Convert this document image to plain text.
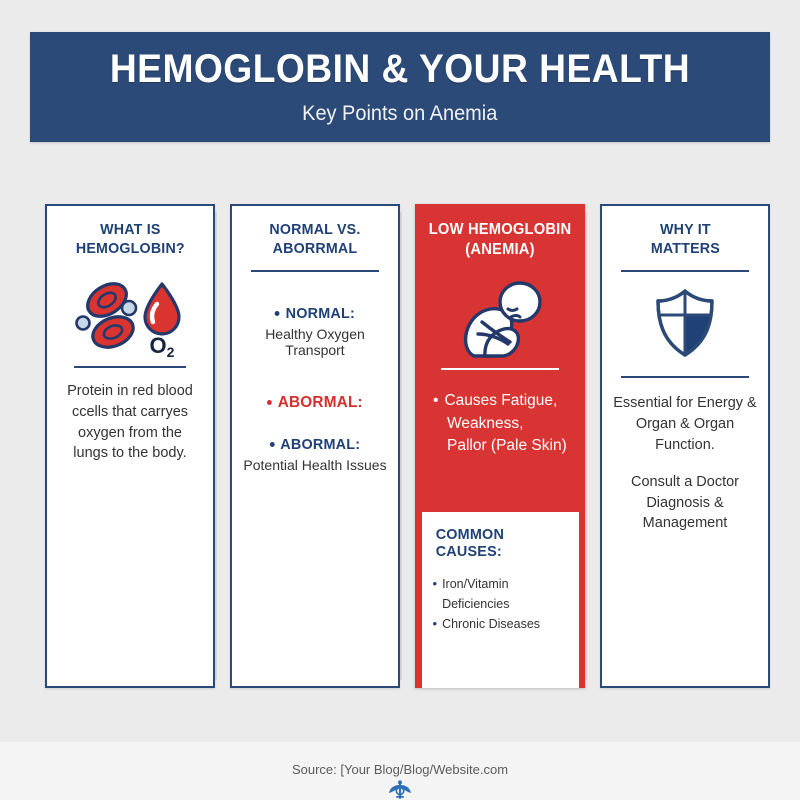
HEMOGLOBIN & YOUR HEALTH
Key Points on Anemia
WHAT IS
HEMOGLOBIN?
O2
Protein in red blood ccells that carryes oxygen from the lungs to the body.
NORMAL VS.
ABORRMAL
NORMAL:
Healthy Oxygen Transport
ABORMAL:
ABORMAL:
Potential Health Issues
LOW HEMOGLOBIN
(ANEMIA)
• Causes Fatigue,
Weakness,
Pallor (Pale Skin)
COMMON CAUSES:
• Iron/Vitamin Deficiencies
• Chronic Diseases
WHY IT
MATTERS
Essential for Energy & Organ & Organ Function.
Consult a Doctor Diagnosis & Management
Source: [Your Blog/Blog/Website.com
